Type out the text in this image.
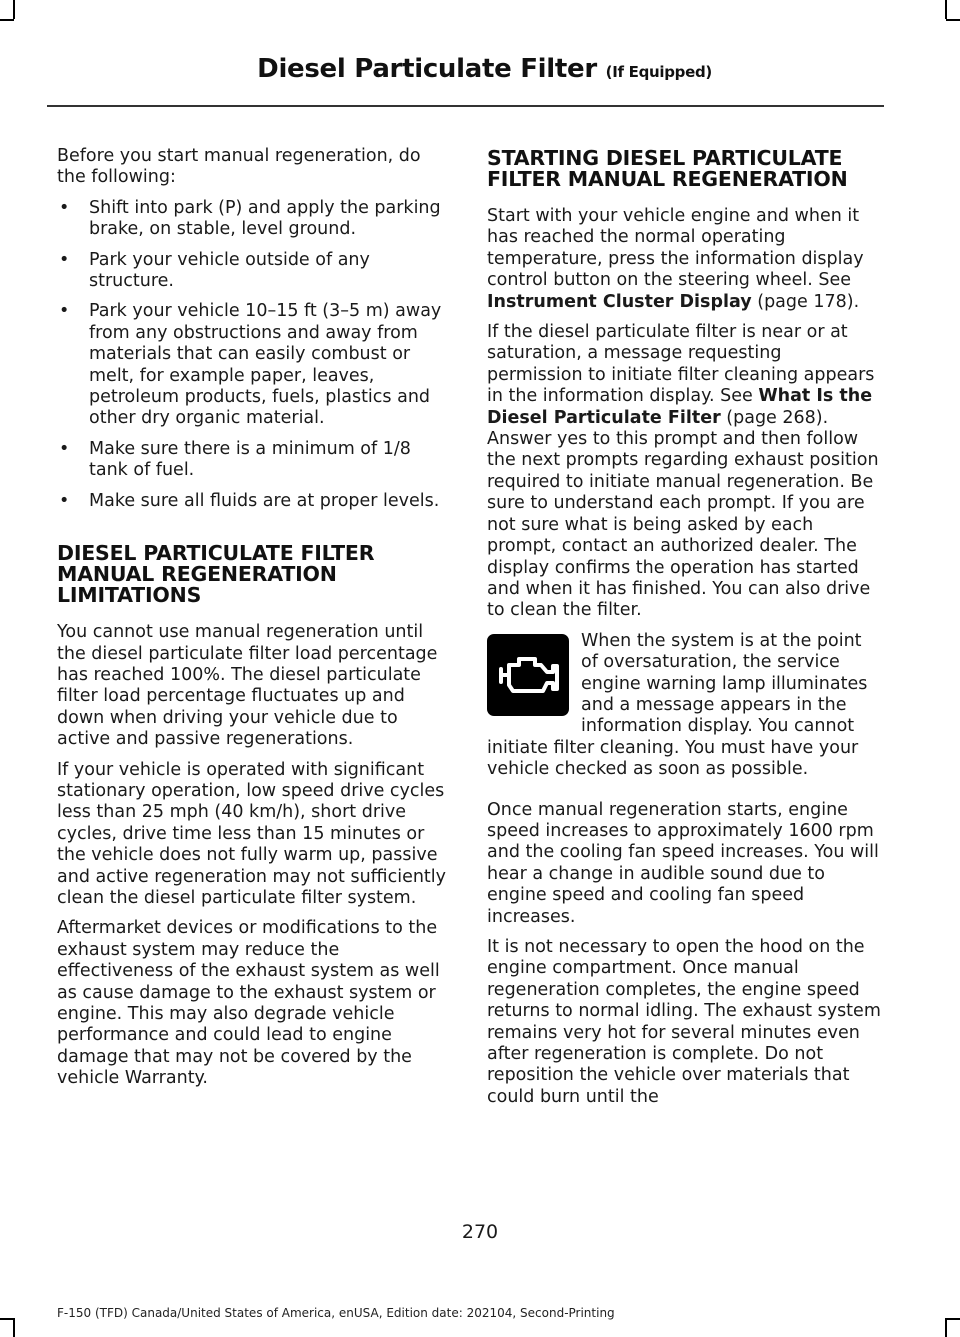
Diesel Particulate Filter (If Equipped)

Before you start manual regeneration, do the following:

• Shift into park (P) and apply the parking brake, on stable, level ground.
• Park your vehicle outside of any structure.
• Park your vehicle 10–15 ft (3–5 m) away from any obstructions and away from materials that can easily combust or melt, for example paper, leaves, petroleum products, fuels, plastics and other dry organic material.
• Make sure there is a minimum of 1/8 tank of fuel.
• Make sure all fluids are at proper levels.
DIESEL PARTICULATE FILTER MANUAL REGENERATION LIMITATIONS

You cannot use manual regeneration until the diesel particulate filter load percentage has reached 100%. The diesel particulate filter load percentage fluctuates up and down when driving your vehicle due to active and passive regenerations.

If your vehicle is operated with significant stationary operation, low speed drive cycles less than 25 mph (40 km/h), short drive cycles, drive time less than 15 minutes or the vehicle does not fully warm up, passive and active regeneration may not sufficiently clean the diesel particulate filter system.

Aftermarket devices or modifications to the exhaust system may reduce the effectiveness of the exhaust system as well as cause damage to the exhaust system or engine. This may also degrade vehicle performance and could lead to engine damage that may not be covered by the vehicle Warranty.

STARTING DIESEL PARTICULATE FILTER MANUAL REGENERATION

Start with your vehicle engine and when it has reached the normal operating temperature, press the information display control button on the steering wheel. See Instrument Cluster Display (page 178).

If the diesel particulate filter is near or at saturation, a message requesting permission to initiate filter cleaning appears in the information display. See What Is the Diesel Particulate Filter (page 268). Answer yes to this prompt and then follow the next prompts regarding exhaust position required to initiate manual regeneration. Be sure to understand each prompt. If you are not sure what is being asked by each prompt, contact an authorized dealer. The display confirms the operation has started and when it has finished. You can also drive to clean the filter.

When the system is at the point of oversaturation, the service engine warning lamp illuminates and a message appears in the information display. You cannot initiate filter cleaning. You must have your vehicle checked as soon as possible.

Once manual regeneration starts, engine speed increases to approximately 1600 rpm and the cooling fan speed increases. You will hear a change in audible sound due to engine speed and cooling fan speed increases.

It is not necessary to open the hood on the engine compartment. Once manual regeneration completes, the engine speed returns to normal idling. The exhaust system remains very hot for several minutes even after regeneration is complete. Do not reposition the vehicle over materials that could burn until the

270
F-150 (TFD) Canada/United States of America, enUSA, Edition date: 202104, Second-Printing
